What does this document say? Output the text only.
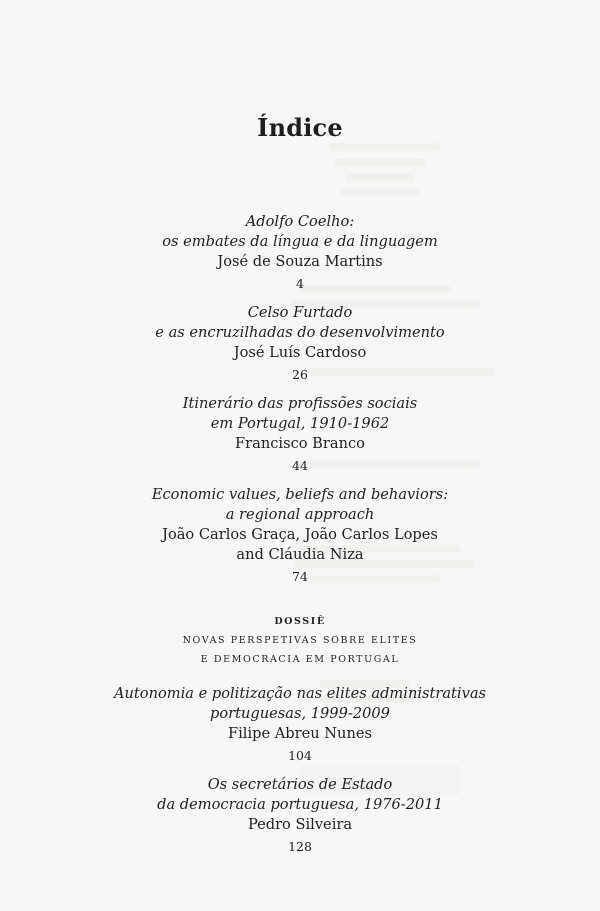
Índice
Adolfo Coelho:
os embates da língua e da linguagem
José de Souza Martins
4
Celso Furtado
e as encruzilhadas do desenvolvimento
José Luís Cardoso
26
Itinerário das profissões sociais
em Portugal, 1910-1962
Francisco Branco
44
Economic values, beliefs and behaviors:
a regional approach
João Carlos Graça, João Carlos Lopes
and Cláudia Niza
74
DOSSIÊ
NOVAS PERSPETIVAS SOBRE ELITES
E DEMOCRACIA EM PORTUGAL
Autonomia e politização nas elites administrativas
portuguesas, 1999-2009
Filipe Abreu Nunes
104
Os secretários de Estado
da democracia portuguesa, 1976-2011
Pedro Silveira
128
